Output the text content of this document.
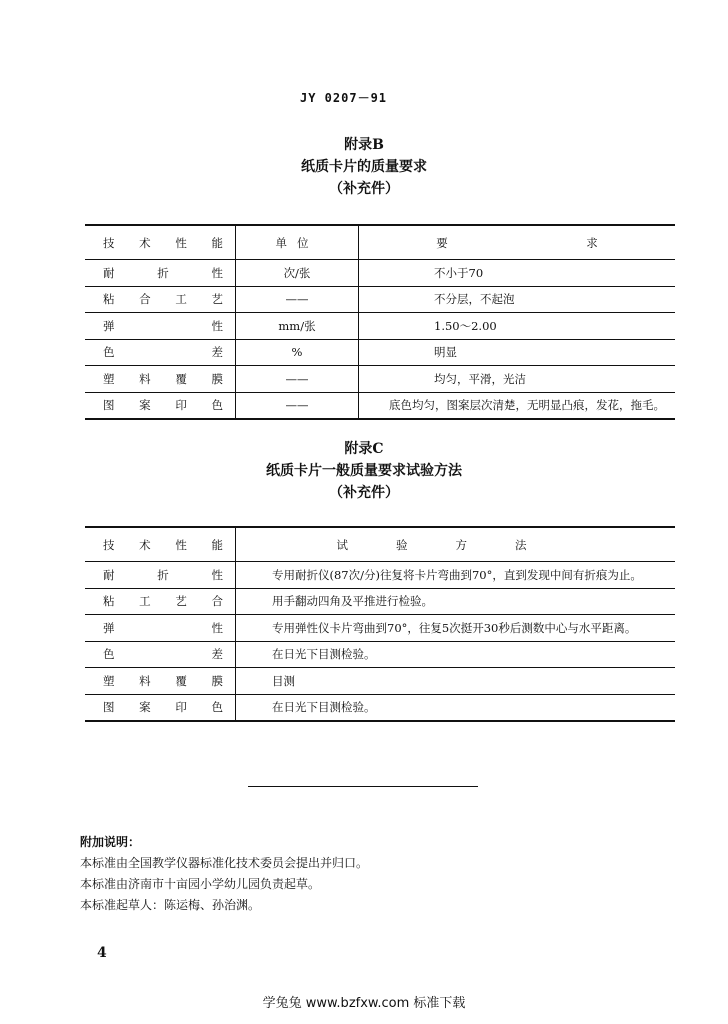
JY 0207－91
附录B
纸质卡片的质量要求
（补充件）
技术性能	单位	要 求
耐折性	次/张	不小于70
粘合工艺	——	不分层，不起泡
弹性	mm/张	1.50～2.00
色差	%	明显
塑料覆膜	——	均匀，平滑，光洁
图案印色	——	底色均匀，图案层次清楚，无明显凸痕，发花，拖毛。
附录C
纸质卡片一般质量要求试验方法
（补充件）
技术性能	试验方法
耐折性	专用耐折仪(87次/分)往复将卡片弯曲到70°，直到发现中间有折痕为止。
粘工艺合	用手翻动四角及平推进行检验。
弹性	专用弹性仪卡片弯曲到70°，往复5次挺开30秒后测数中心与水平距离。
色差	在日光下目测检验。
塑料覆膜	目测
图案印色	在日光下目测检验。
附加说明：
本标准由全国教学仪器标准化技术委员会提出并归口。
本标准由济南市十亩园小学幼儿园负责起草。
本标准起草人：陈运梅、孙治渊。
4
学兔兔 www.bzfxw.com 标准下载
